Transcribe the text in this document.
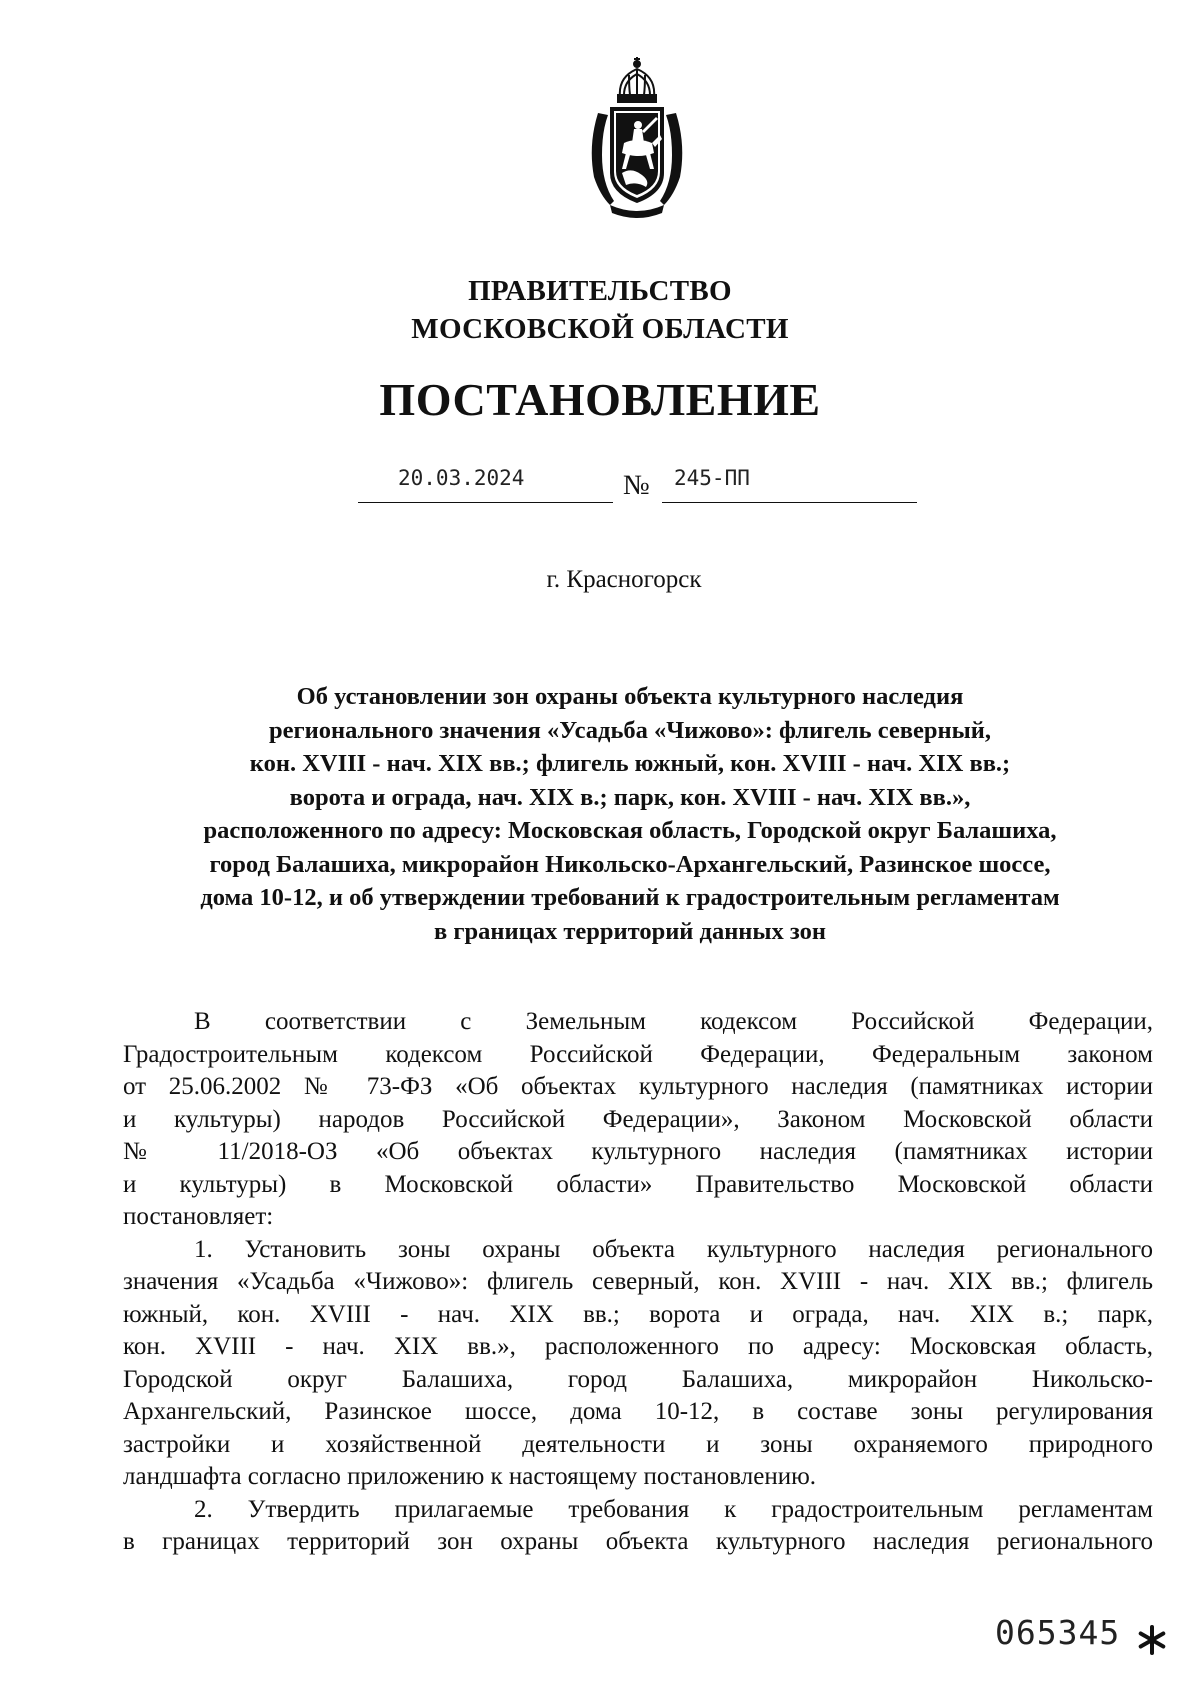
ПРАВИТЕЛЬСТВО
МОСКОВСКОЙ ОБЛАСТИ
ПОСТАНОВЛЕНИЕ
20.03.2024	№ 245-ПП
г. Красногорск
Об установлении зон охраны объекта культурного наследия
регионального значения «Усадьба «Чижово»: флигель северный,
кон. XVIII - нач. XIX вв.; флигель южный, кон. XVIII - нач. XIX вв.;
ворота и ограда, нач. XIX в.; парк, кон. XVIII - нач. XIX вв.»,
расположенного по адресу: Московская область, Городской округ Балашиха,
город Балашиха, микрорайон Никольско-Архангельский, Разинское шоссе,
дома 10-12, и об утверждении требований к градостроительным регламентам
в границах территорий данных зон
В соответствии с Земельным кодексом Российской Федерации,
Градостроительным кодексом Российской Федерации, Федеральным законом
от 25.06.2002 № 73-ФЗ «Об объектах культурного наследия (памятниках истории
и культуры) народов Российской Федерации», Законом Московской области
№ 11/2018-ОЗ «Об объектах культурного наследия (памятниках истории
и культуры) в Московской области» Правительство Московской области
постановляет:
1. Установить зоны охраны объекта культурного наследия регионального
значения «Усадьба «Чижово»: флигель северный, кон. XVIII - нач. XIX вв.; флигель
южный, кон. XVIII - нач. XIX вв.; ворота и ограда, нач. XIX в.; парк,
кон. XVIII - нач. XIX вв.», расположенного по адресу: Московская область,
Городской округ Балашиха, город Балашиха, микрорайон Никольско-
Архангельский, Разинское шоссе, дома 10-12, в составе зоны регулирования
застройки и хозяйственной деятельности и зоны охраняемого природного
ландшафта согласно приложению к настоящему постановлению.
2. Утвердить прилагаемые требования к градостроительным регламентам
в границах территорий зон охраны объекта культурного наследия регионального
065345
